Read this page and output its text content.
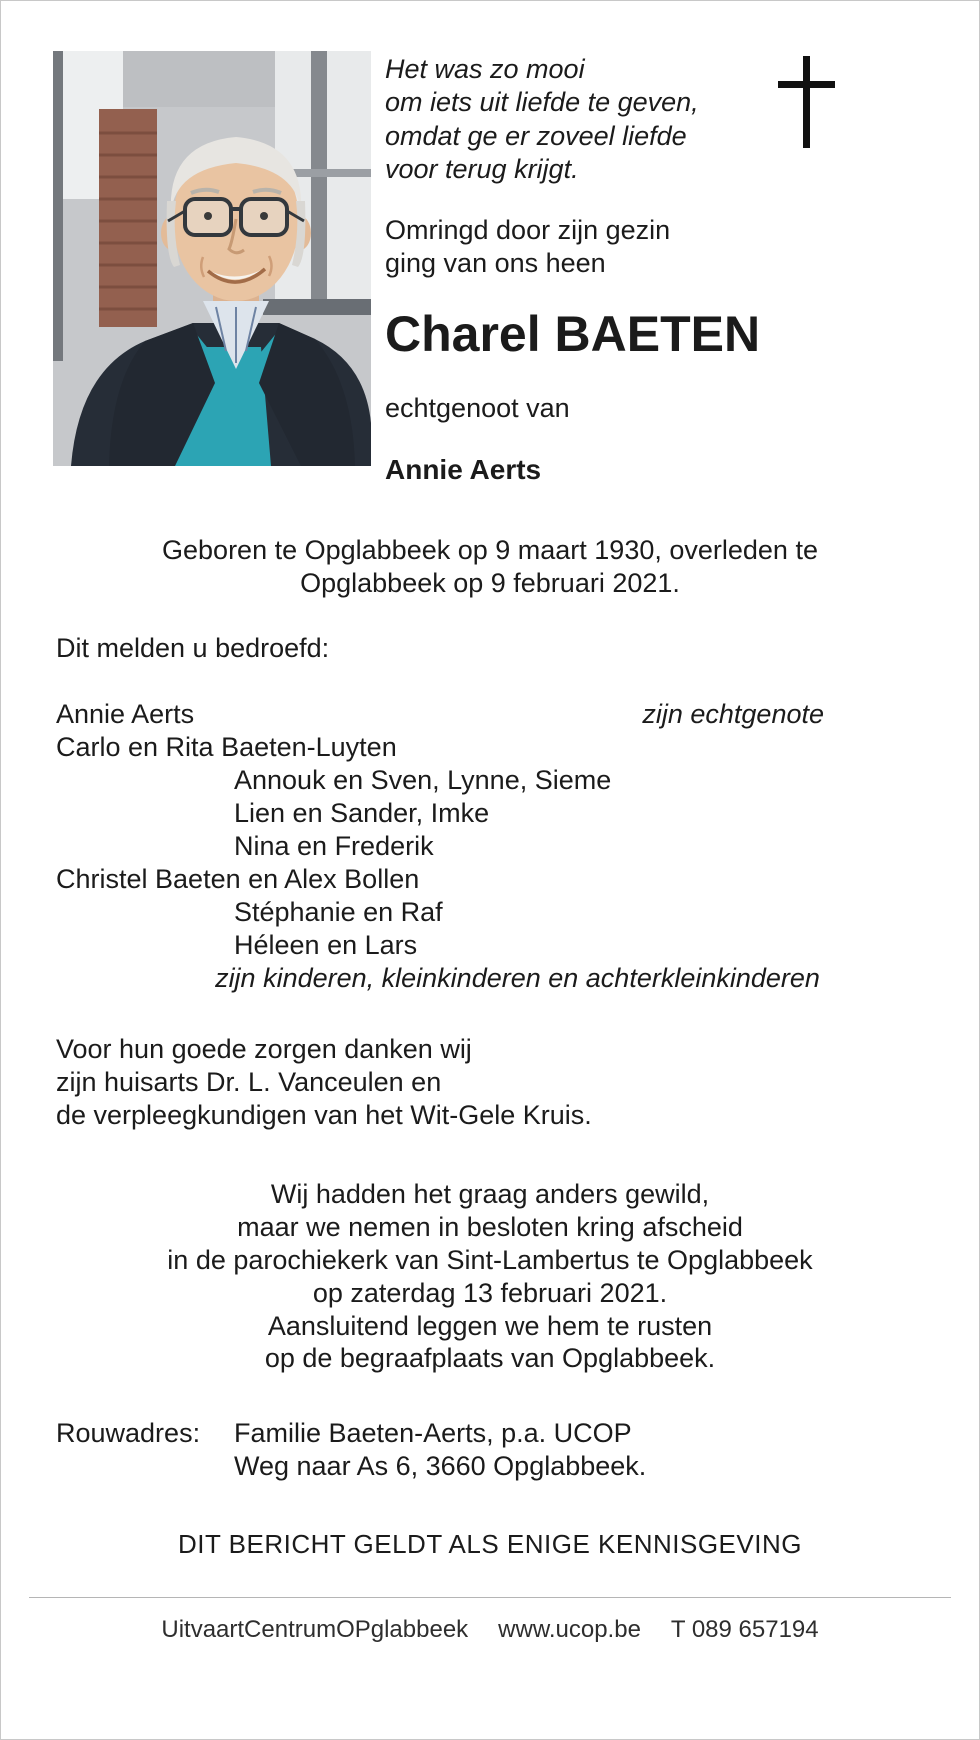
Het was zo mooi
om iets uit liefde te geven,
omdat ge er zoveel liefde
voor terug krijgt.
Omringd door zijn gezin
ging van ons heen
Charel BAETEN
echtgenoot van
Annie Aerts
Geboren te Opglabbeek op 9 maart 1930, overleden te
Opglabbeek op 9 februari 2021.
Dit melden u bedroefd:
Annie Aerts	zijn echtgenote
Carlo en Rita Baeten-Luyten
Annouk en Sven, Lynne, Sieme
Lien en Sander, Imke
Nina en Frederik
Christel Baeten en Alex Bollen
Stéphanie en Raf
Héleen en Lars
zijn kinderen, kleinkinderen en achterkleinkinderen
Voor hun goede zorgen danken wij
zijn huisarts Dr. L. Vanceulen en
de verpleegkundigen van het Wit-Gele Kruis.
Wij hadden het graag anders gewild,
maar we nemen in besloten kring afscheid
in de parochiekerk van Sint-Lambertus te Opglabbeek
op zaterdag 13 februari 2021.
Aansluitend leggen we hem te rusten
op de begraafplaats van Opglabbeek.
Rouwadres:	Familie Baeten-Aerts, p.a. UCOP
Weg naar As 6, 3660 Opglabbeek.
DIT BERICHT GELDT ALS ENIGE KENNISGEVING
UitvaartCentrumOPglabbeek www.ucop.be T 089 657194
